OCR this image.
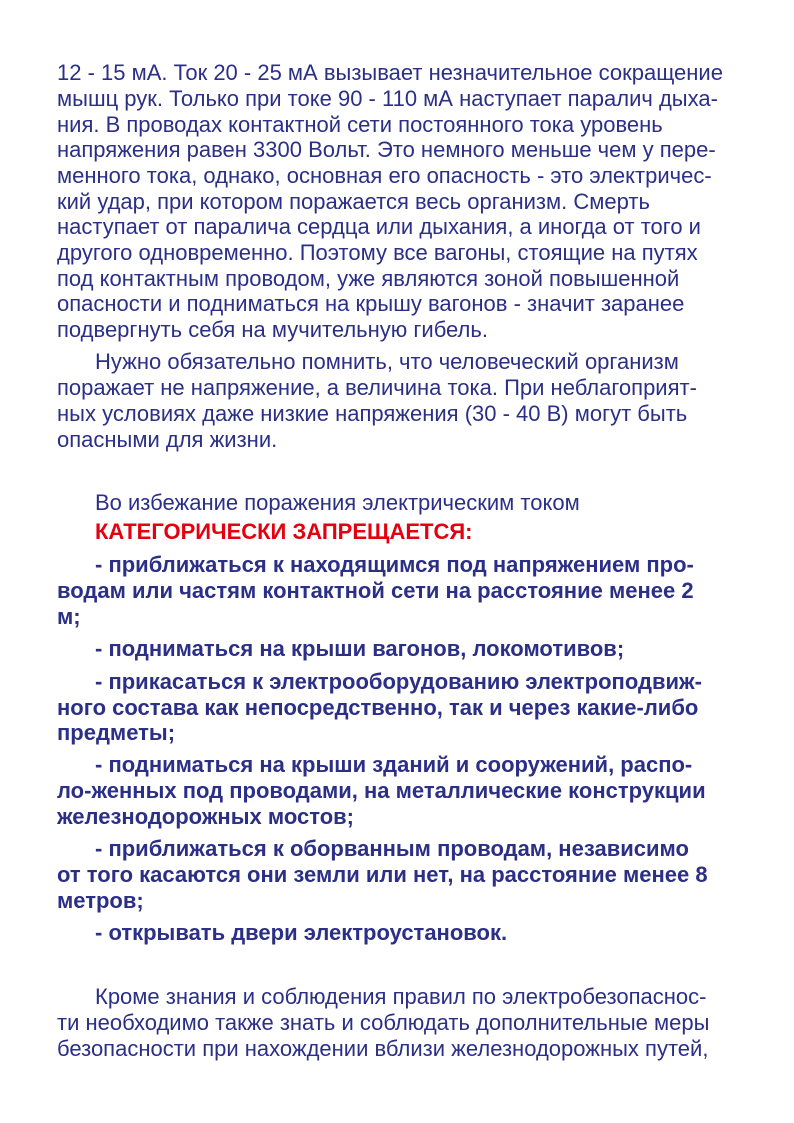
12 - 15 мА. Ток 20 - 25 мА вызывает незначительное сокращение
мышц рук. Только при токе 90 - 110 мА наступает паралич дыха-
ния. В проводах контактной сети постоянного тока уровень
напряжения равен 3300 Вольт. Это немного меньше чем у пере-
менного тока, однако, основная его опасность - это электричес-
кий удар, при котором поражается весь организм. Смерть
наступает от паралича сердца или дыхания, а иногда от того и
другого одновременно. Поэтому все вагоны, стоящие на путях
под контактным проводом, уже являются зоной повышенной
опасности и подниматься на крышу вагонов - значит заранее
подвергнуть себя на мучительную гибель.
Нужно обязательно помнить, что человеческий организм
поражает не напряжение, а величина тока. При неблагоприят-
ных условиях даже низкие напряжения (30 - 40 В) могут быть
опасными для жизни.
Во избежание поражения электрическим током
КАТЕГОРИЧЕСКИ ЗАПРЕЩАЕТСЯ:
- приближаться к находящимся под напряжением про-
водам или частям контактной сети на расстояние менее 2
м;
- подниматься на крыши вагонов, локомотивов;
- прикасаться к электрооборудованию электроподвиж-
ного состава как непосредственно, так и через какие-либо
предметы;
- подниматься на крыши зданий и сооружений, распо-
ло-женных под проводами, на металлические конструкции
железнодорожных мостов;
- приближаться к оборванным проводам, независимо
от того касаются они земли или нет, на расстояние менее 8
метров;
- открывать двери электроустановок.
Кроме знания и соблюдения правил по электробезопаснос-
ти необходимо также знать и соблюдать дополнительные меры
безопасности при нахождении вблизи железнодорожных путей,
